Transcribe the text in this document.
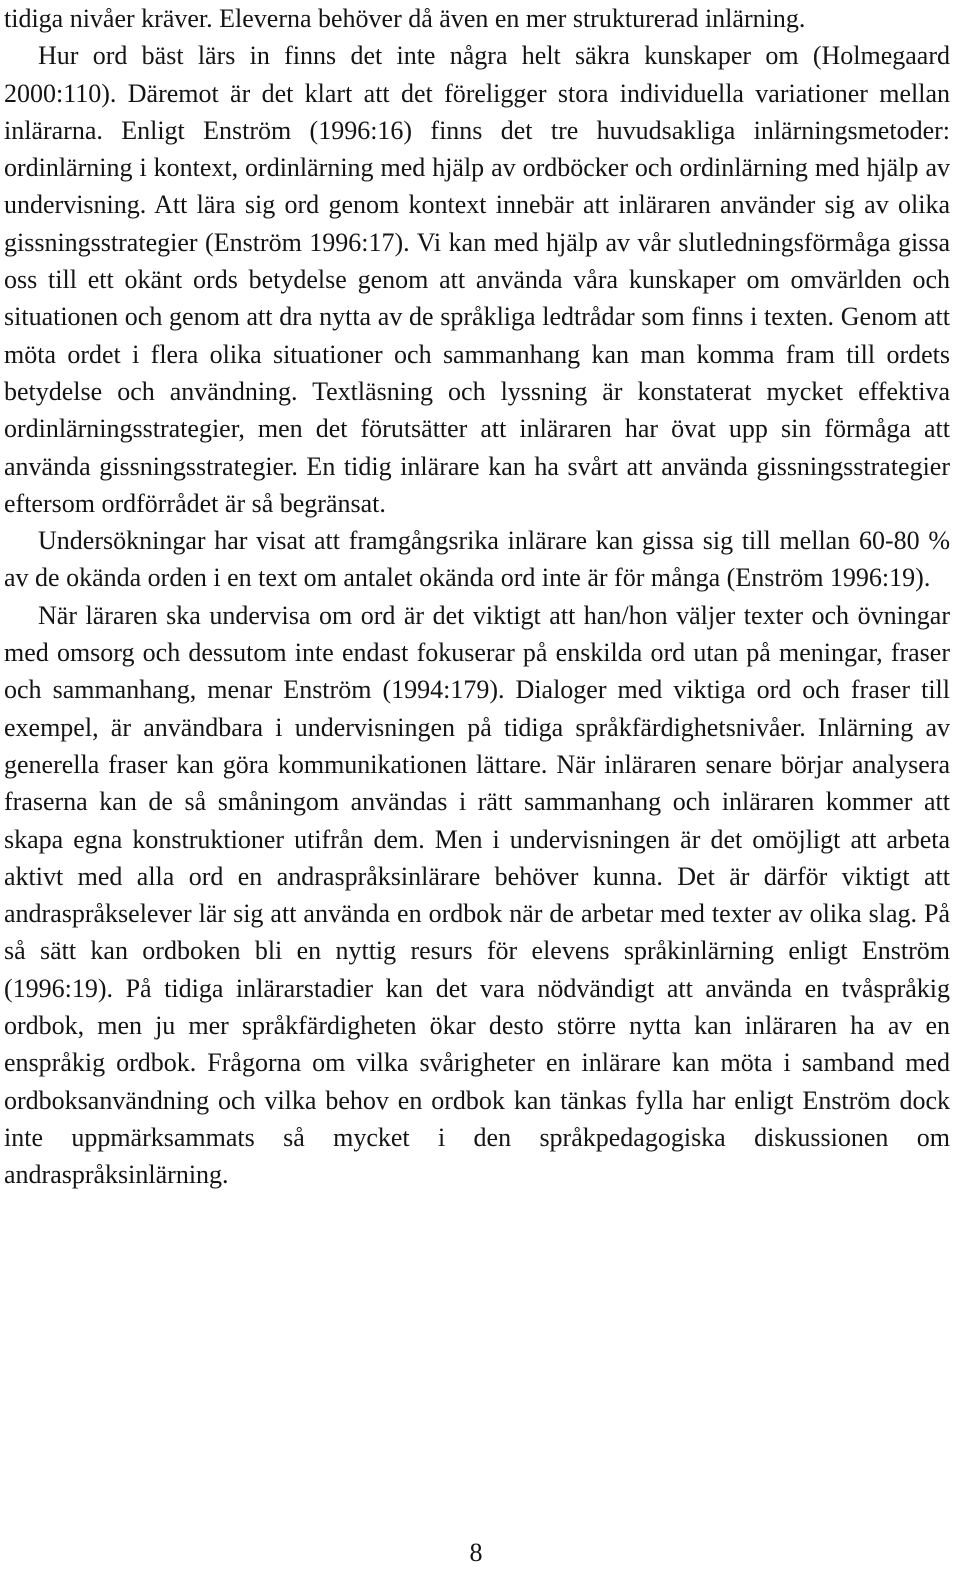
tidiga nivåer kräver. Eleverna behöver då även en mer strukturerad inlärning.

Hur ord bäst lärs in finns det inte några helt säkra kunskaper om (Holmegaard 2000:110). Däremot är det klart att det föreligger stora individuella variationer mellan inlärarna. Enligt Enström (1996:16) finns det tre huvudsakliga inlärningsmetoder: ordinlärning i kontext, ordinlärning med hjälp av ordböcker och ordinlärning med hjälp av undervisning. Att lära sig ord genom kontext innebär att inläraren använder sig av olika gissningsstrategier (Enström 1996:17). Vi kan med hjälp av vår slutledningsförmåga gissa oss till ett okänt ords betydelse genom att använda våra kunskaper om omvärlden och situationen och genom att dra nytta av de språkliga ledtrådar som finns i texten. Genom att möta ordet i flera olika situationer och sammanhang kan man komma fram till ordets betydelse och användning. Textläsning och lyssning är konstaterat mycket effektiva ordinlärningsstrategier, men det förutsätter att inläraren har övat upp sin förmåga att använda gissningsstrategier. En tidig inlärare kan ha svårt att använda gissningsstrategier eftersom ordförrådet är så begränsat.

Undersökningar har visat att framgångsrika inlärare kan gissa sig till mellan 60-80 % av de okända orden i en text om antalet okända ord inte är för många (Enström 1996:19).

När läraren ska undervisa om ord är det viktigt att han/hon väljer texter och övningar med omsorg och dessutom inte endast fokuserar på enskilda ord utan på meningar, fraser och sammanhang, menar Enström (1994:179). Dialoger med viktiga ord och fraser till exempel, är användbara i undervisningen på tidiga språkfärdighetsnivåer. Inlärning av generella fraser kan göra kommunikationen lättare. När inläraren senare börjar analysera fraserna kan de så småningom användas i rätt sammanhang och inläraren kommer att skapa egna konstruktioner utifrån dem. Men i undervisningen är det omöjligt att arbeta aktivt med alla ord en andraspråksinlärare behöver kunna. Det är därför viktigt att andraspråkselever lär sig att använda en ordbok när de arbetar med texter av olika slag. På så sätt kan ordboken bli en nyttig resurs för elevens språkinlärning enligt Enström (1996:19). På tidiga inlärarstadier kan det vara nödvändigt att använda en tvåspråkig ordbok, men ju mer språkfärdigheten ökar desto större nytta kan inläraren ha av en enspråkig ordbok. Frågorna om vilka svårigheter en inlärare kan möta i samband med ordboksanvändning och vilka behov en ordbok kan tänkas fylla har enligt Enström dock inte uppmärksammats så mycket i den språkpedagogiska diskussionen om andraspråksinlärning.

8
